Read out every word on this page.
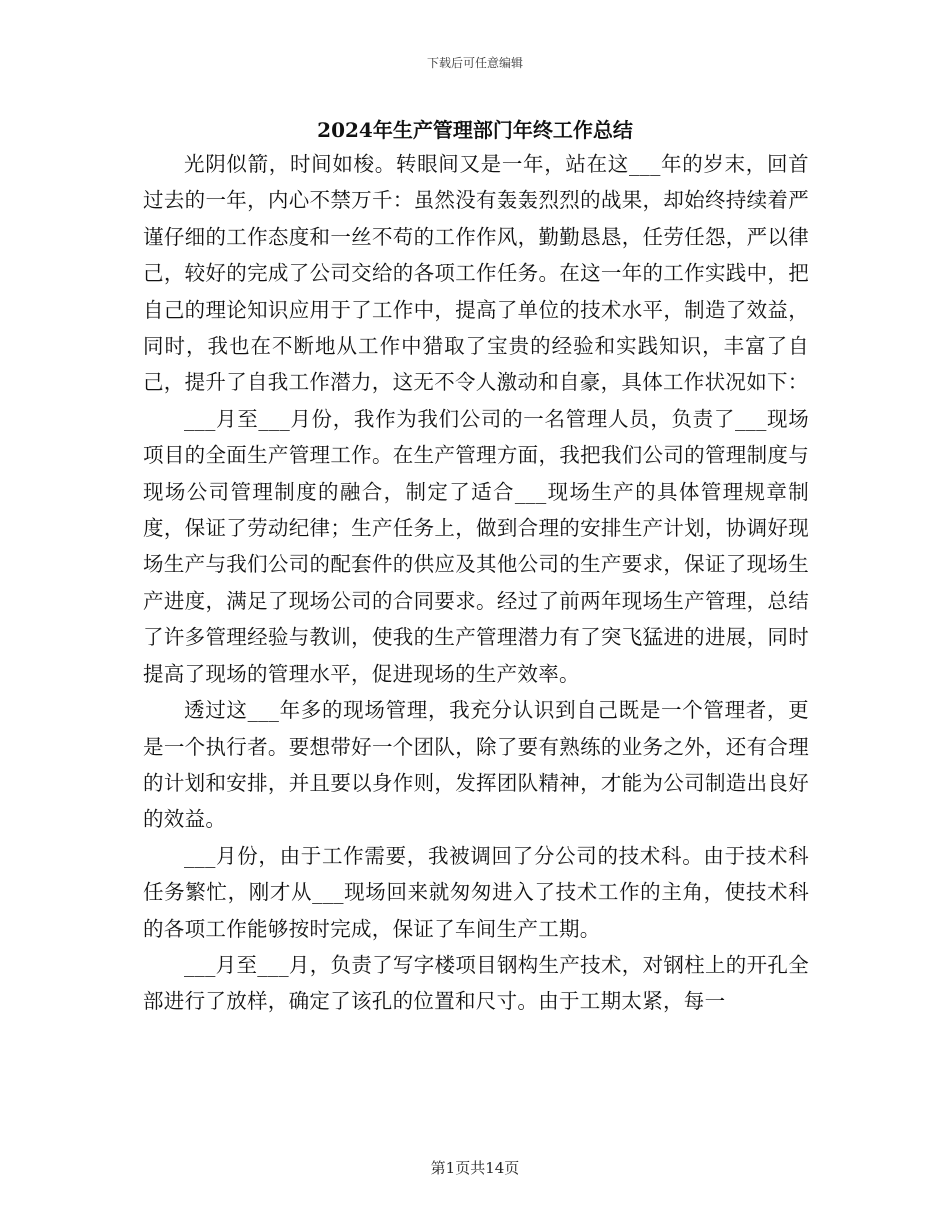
下载后可任意编辑
2024年生产管理部门年终工作总结

光阴似箭，时间如梭。转眼间又是一年，站在这___年的岁末，回首过去的一年，内心不禁万千：虽然没有轰轰烈烈的战果，却始终持续着严谨仔细的工作态度和一丝不苟的工作作风，勤勤恳恳，任劳任怨，严以律己，较好的完成了公司交给的各项工作任务。在这一年的工作实践中，把自己的理论知识应用于了工作中，提高了单位的技术水平，制造了效益，同时，我也在不断地从工作中猎取了宝贵的经验和实践知识，丰富了自己，提升了自我工作潜力，这无不令人激动和自豪，具体工作状况如下：

___月至___月份，我作为我们公司的一名管理人员，负责了___现场项目的全面生产管理工作。在生产管理方面，我把我们公司的管理制度与现场公司管理制度的融合，制定了适合___现场生产的具体管理规章制度，保证了劳动纪律；生产任务上，做到合理的安排生产计划，协调好现场生产与我们公司的配套件的供应及其他公司的生产要求，保证了现场生产进度，满足了现场公司的合同要求。经过了前两年现场生产管理，总结了许多管理经验与教训，使我的生产管理潜力有了突飞猛进的进展，同时提高了现场的管理水平，促进现场的生产效率。

透过这___年多的现场管理，我充分认识到自己既是一个管理者，更是一个执行者。要想带好一个团队，除了要有熟练的业务之外，还有合理的计划和安排，并且要以身作则，发挥团队精神，才能为公司制造出良好的效益。

___月份，由于工作需要，我被调回了分公司的技术科。由于技术科任务繁忙，刚才从___现场回来就匆匆进入了技术工作的主角，使技术科的各项工作能够按时完成，保证了车间生产工期。

___月至___月，负责了写字楼项目钢构生产技术，对钢柱上的开孔全部进行了放样，确定了该孔的位置和尺寸。由于工期太紧，每一

第1页共14页
